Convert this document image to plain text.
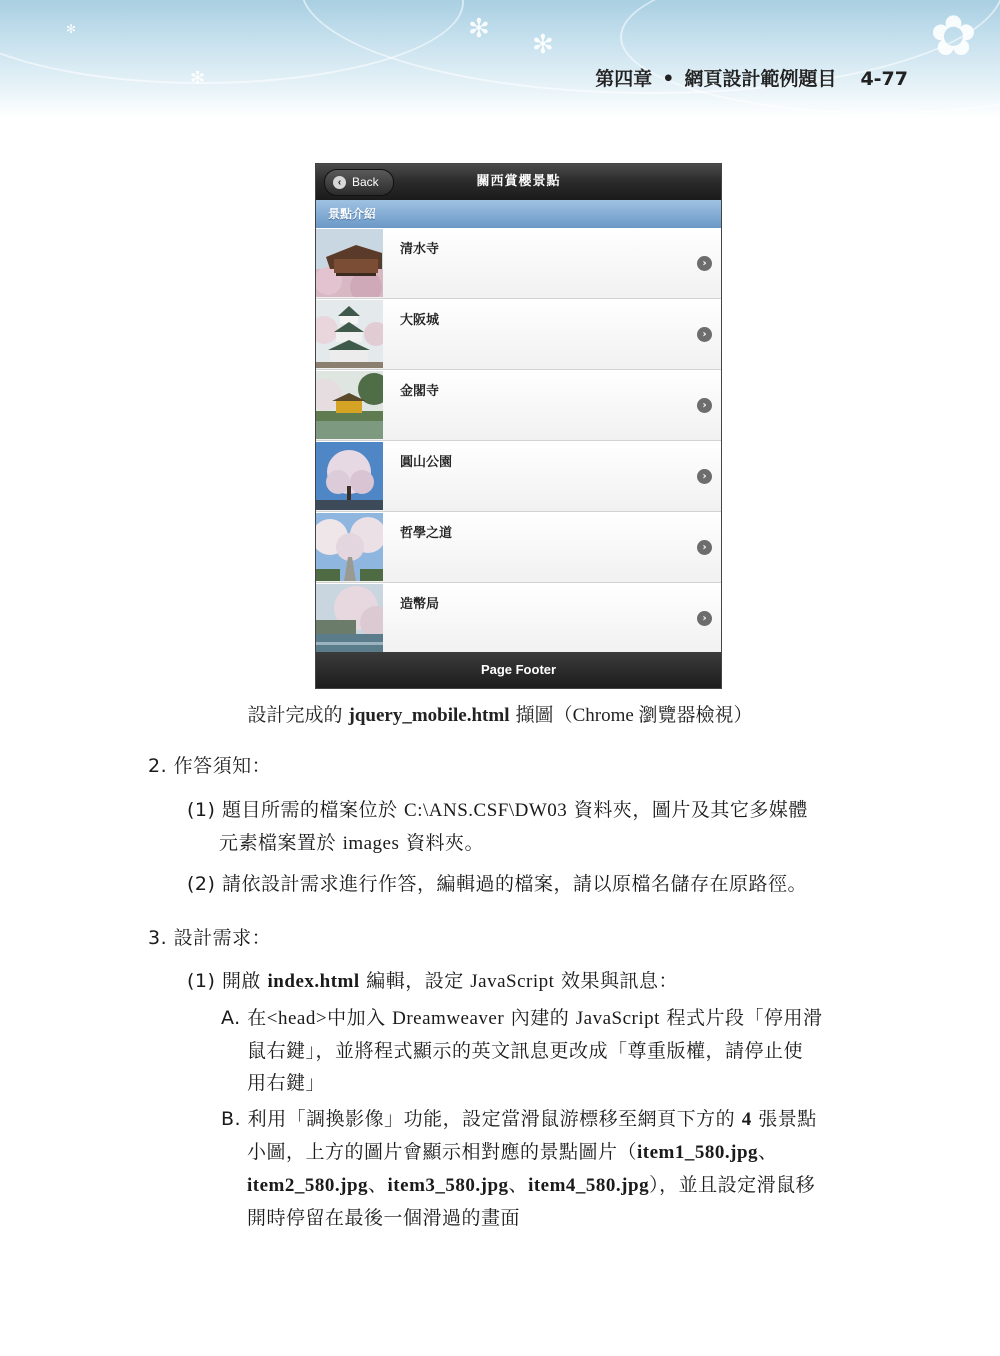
✻
✻
✻
✻	✿
第四章 • 網頁設計範例題目 4-77
‹ Back	關西賞櫻景點
景點介紹
清水寺
›
大阪城
›
金閣寺
›
圓山公園
›
哲學之道
›
造幣局
›
Page Footer
設計完成的 jquery_mobile.html 擷圖（Chrome 瀏覽器檢視）
2. 作答須知：
(1) 題目所需的檔案位於 C:\ANS.CSF\DW03 資料夾，圖片及其它多媒體
元素檔案置於 images 資料夾。
(2) 請依設計需求進行作答，編輯過的檔案，請以原檔名儲存在原路徑。
3. 設計需求：
(1) 開啟 index.html 編輯，設定 JavaScript 效果與訊息：
A. 在<head>中加入 Dreamweaver 內建的 JavaScript 程式片段「停用滑
鼠右鍵」，並將程式顯示的英文訊息更改成「尊重版權，請停止使
用右鍵」
B. 利用「調換影像」功能，設定當滑鼠游標移至網頁下方的 4 張景點
小圖，上方的圖片會顯示相對應的景點圖片（item1_580.jpg、
item2_580.jpg、item3_580.jpg、item4_580.jpg），並且設定滑鼠移
開時停留在最後一個滑過的畫面
